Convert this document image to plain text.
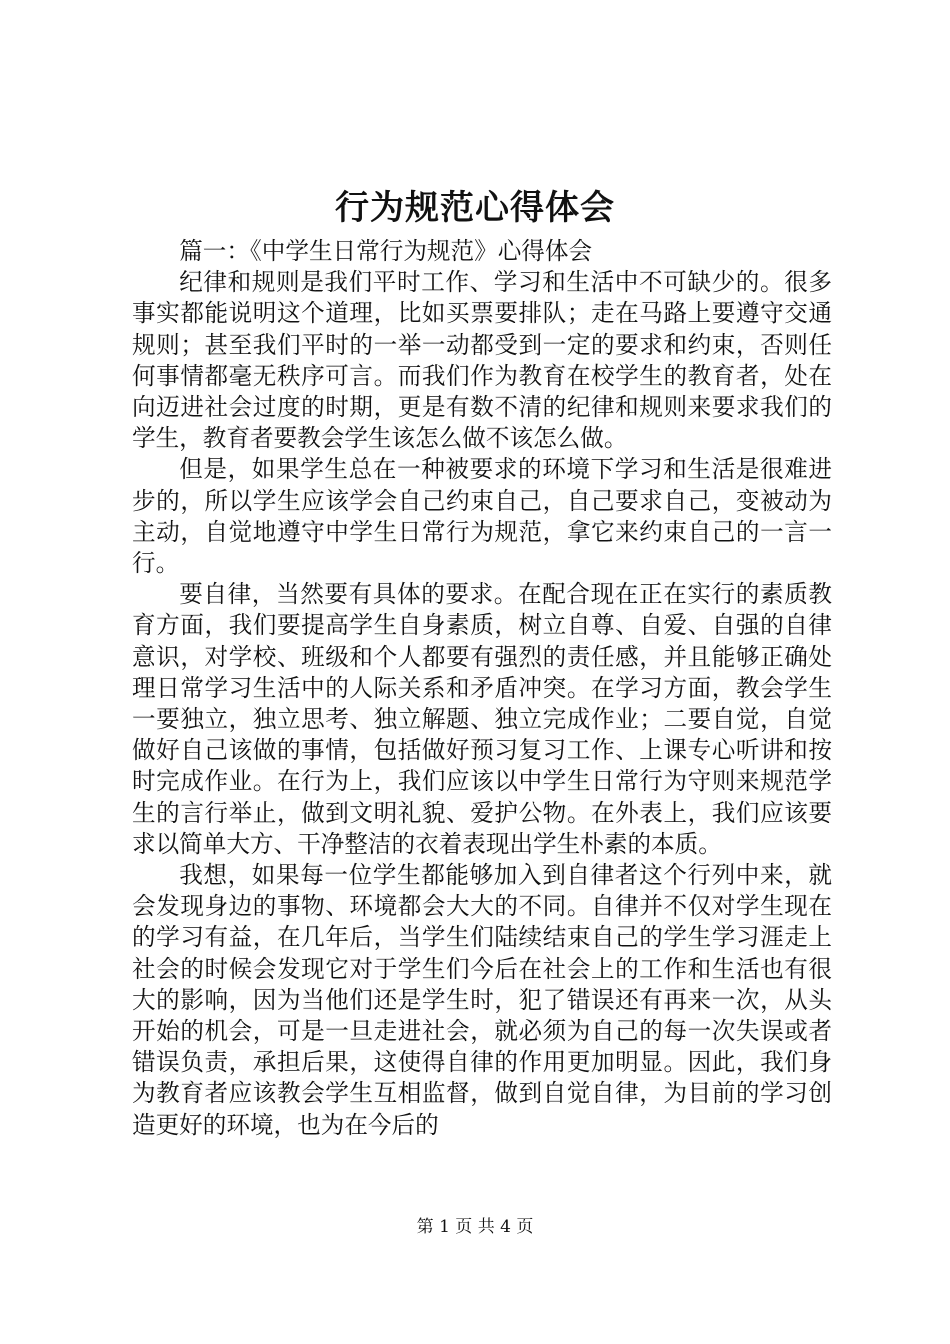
行为规范心得体会

篇一：《中学生日常行为规范》心得体会

纪律和规则是我们平时工作、学习和生活中不可缺少的。很多事实都能说明这个道理，比如买票要排队；走在马路上要遵守交通规则；甚至我们平时的一举一动都受到一定的要求和约束，否则任何事情都毫无秩序可言。而我们作为教育在校学生的教育者，处在向迈进社会过度的时期，更是有数不清的纪律和规则来要求我们的学生，教育者要教会学生该怎么做不该怎么做。

但是，如果学生总在一种被要求的环境下学习和生活是很难进步的，所以学生应该学会自己约束自己，自己要求自己，变被动为主动，自觉地遵守中学生日常行为规范，拿它来约束自己的一言一行。

要自律，当然要有具体的要求。在配合现在正在实行的素质教育方面，我们要提高学生自身素质，树立自尊、自爱、自强的自律意识，对学校、班级和个人都要有强烈的责任感，并且能够正确处理日常学习生活中的人际关系和矛盾冲突。在学习方面，教会学生一要独立，独立思考、独立解题、独立完成作业；二要自觉，自觉做好自己该做的事情，包括做好预习复习工作、上课专心听讲和按时完成作业。在行为上，我们应该以中学生日常行为守则来规范学生的言行举止，做到文明礼貌、爱护公物。在外表上，我们应该要求以简单大方、干净整洁的衣着表现出学生朴素的本质。

我想，如果每一位学生都能够加入到自律者这个行列中来，就会发现身边的事物、环境都会大大的不同。自律并不仅对学生现在的学习有益，在几年后，当学生们陆续结束自己的学生学习涯走上社会的时候会发现它对于学生们今后在社会上的工作和生活也有很大的影响，因为当他们还是学生时，犯了错误还有再来一次，从头开始的机会，可是一旦走进社会，就必须为自己的每一次失误或者错误负责，承担后果，这使得自律的作用更加明显。因此，我们身为教育者应该教会学生互相监督，做到自觉自律，为目前的学习创造更好的环境，也为在今后的

第 1 页 共 4 页
